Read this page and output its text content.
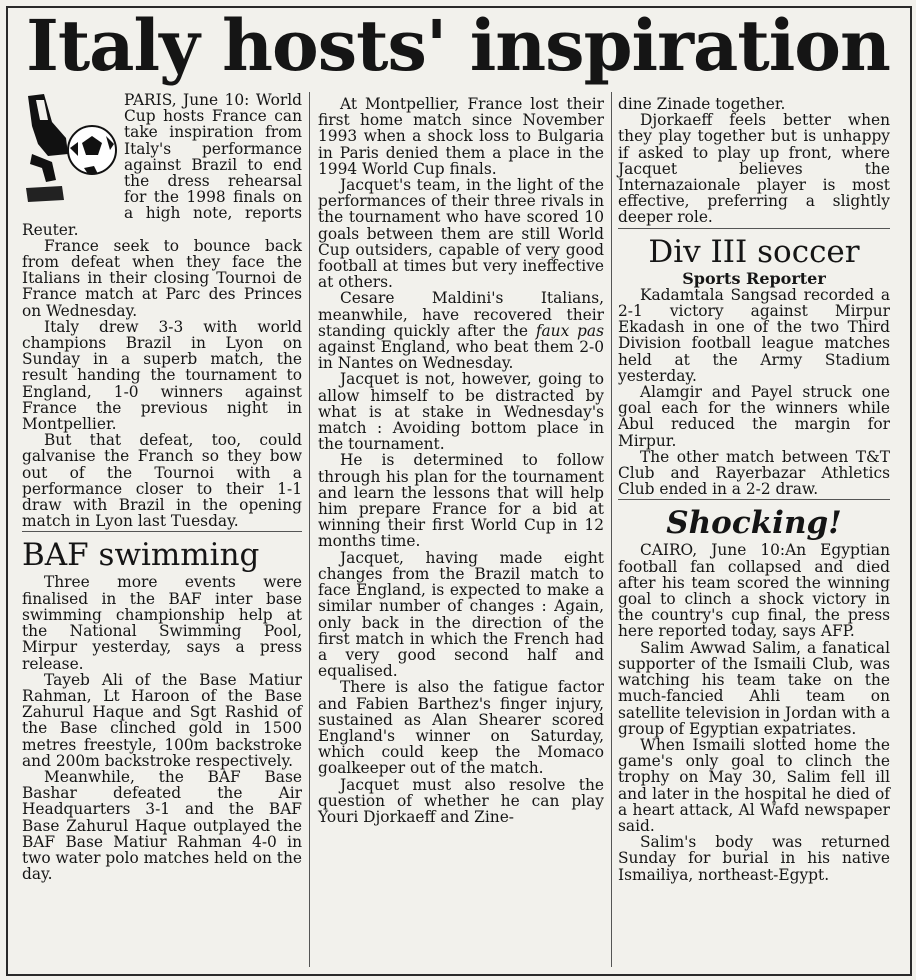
Italy hosts' inspiration

PARIS, June 10: World Cup hosts France can take inspiration from Italy's performance against Brazil to end the dress rehearsal for the 1998 finals on a high note, reports Reuter.

France seek to bounce back from defeat when they face the Italians in their closing Tournoi de France match at Parc des Princes on Wednesday.

Italy drew 3-3 with world champions Brazil in Lyon on Sunday in a superb match, the result handing the tournament to England, 1-0 winners against France the previous night in Montpellier.

But that defeat, too, could galvanise the Franch so they bow out of the Tournoi with a performance closer to their 1-1 draw with Brazil in the opening match in Lyon last Tuesday.

BAF swimming

Three more events were finalised in the BAF inter base swimming championship help at the National Swimming Pool, Mirpur yesterday, says a press release.

Tayeb Ali of the Base Matiur Rahman, Lt Haroon of the Base Zahurul Haque and Sgt Rashid of the Base clinched gold in 1500 metres freestyle, 100m backstroke and 200m backstroke respectively.

Meanwhile, the BAF Base Bashar defeated the Air Headquarters 3-1 and the BAF Base Zahurul Haque outplayed the BAF Base Matiur Rahman 4-0 in two water polo matches held on the day.

At Montpellier, France lost their first home match since November 1993 when a shock loss to Bulgaria in Paris denied them a place in the 1994 World Cup finals.

Jacquet's team, in the light of the performances of their three rivals in the tournament who have scored 10 goals between them are still World Cup outsiders, capable of very good football at times but very ineffective at others.

Cesare Maldini's Italians, meanwhile, have recovered their standing quickly after the faux pas against England, who beat them 2-0 in Nantes on Wednesday.

Jacquet is not, however, going to allow himself to be distracted by what is at stake in Wednesday's match : Avoiding bottom place in the tournament.

He is determined to follow through his plan for the tournament and learn the lessons that will help him prepare France for a bid at winning their first World Cup in 12 months time.

Jacquet, having made eight changes from the Brazil match to face England, is expected to make a similar number of changes : Again, only back in the direction of the first match in which the French had a very good second half and equalised.

There is also the fatigue factor and Fabien Barthez's finger injury, sustained as Alan Shearer scored England's winner on Saturday, which could keep the Momaco goalkeeper out of the match.

Jacquet must also resolve the question of whether he can play Youri Djorkaeff and Zine-

dine Zinade together.

Djorkaeff feels better when they play together but is unhappy if asked to play up front, where Jacquet believes the Internazaionale player is most effective, preferring a slightly deeper role.

Div III soccer

Sports Reporter

Kadamtala Sangsad recorded a 2-1 victory against Mirpur Ekadash in one of the two Third Division football league matches held at the Army Stadium yesterday.

Alamgir and Payel struck one goal each for the winners while Abul reduced the margin for Mirpur.

The other match between T&T Club and Rayerbazar Athletics Club ended in a 2-2 draw.

Shocking!

CAIRO, June 10:An Egyptian football fan collapsed and died after his team scored the winning goal to clinch a shock victory in the country's cup final, the press here reported today, says AFP.

Salim Awwad Salim, a fanatical supporter of the Ismaili Club, was watching his team take on the much-fancied Ahli team on satellite television in Jordan with a group of Egyptian expatriates.

When Ismaili slotted home the game's only goal to clinch the trophy on May 30, Salim fell ill and later in the hospital he died of a heart attack, Al Wafd newspaper said.

Salim's body was returned Sunday for burial in his native Ismailiya, northeast-Egypt.
